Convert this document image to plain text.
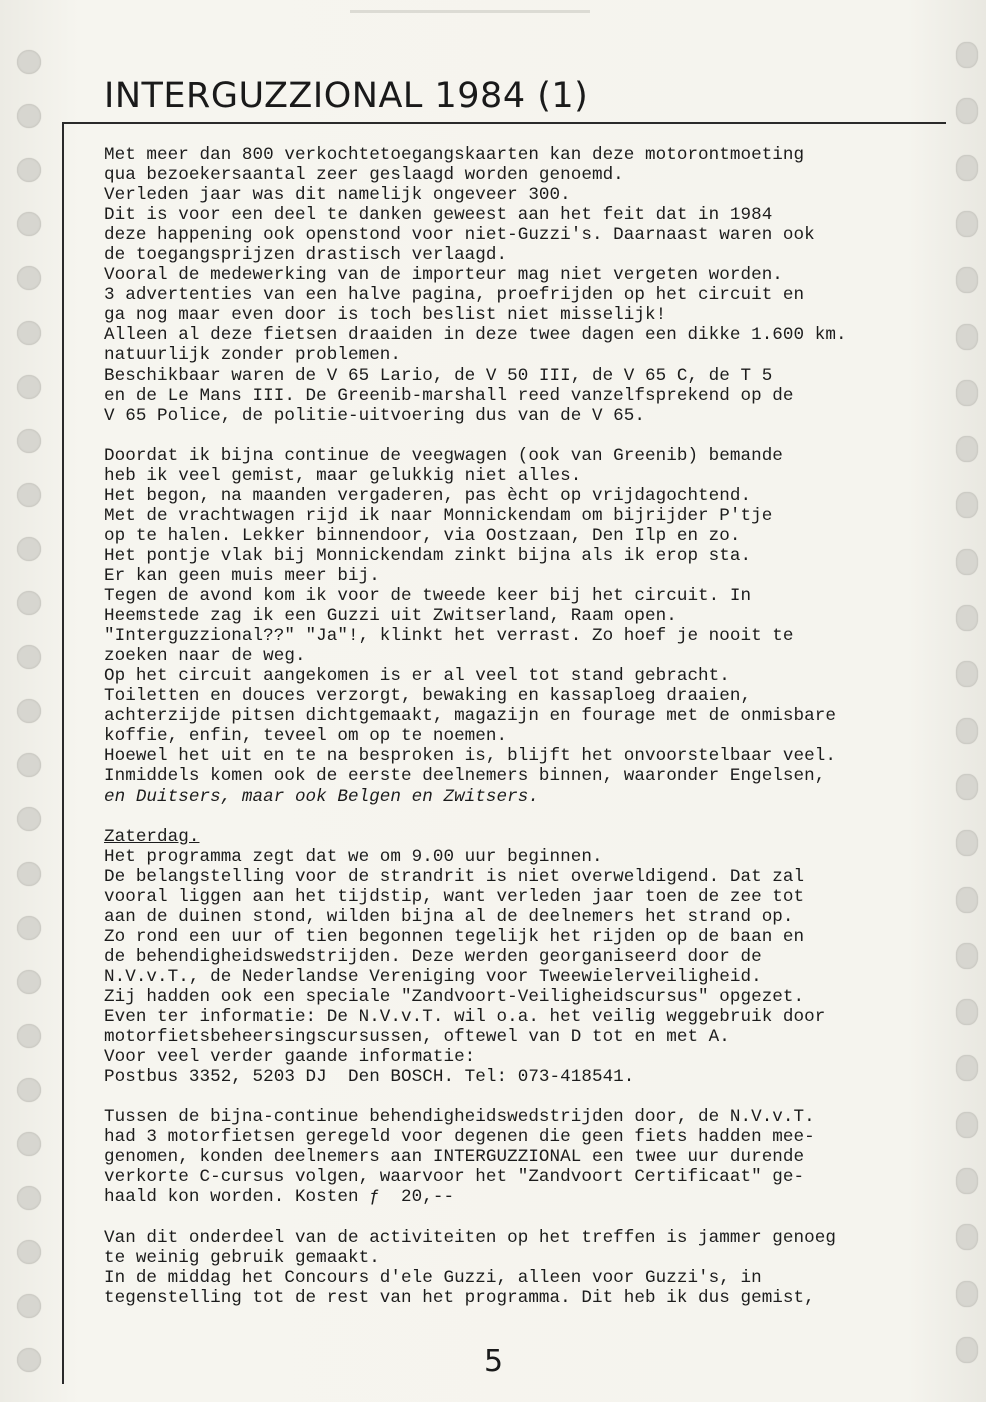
INTERGUZZIONAL 1984 (1)
Met meer dan 800 verkochtetoegangskaarten kan deze motorontmoeting
qua bezoekersaantal zeer geslaagd worden genoemd.
Verleden jaar was dit namelijk ongeveer 300.
Dit is voor een deel te danken geweest aan het feit dat in 1984
deze happening ook openstond voor niet-Guzzi's. Daarnaast waren ook
de toegangsprijzen drastisch verlaagd.
Vooral de medewerking van de importeur mag niet vergeten worden.
3 advertenties van een halve pagina, proefrijden op het circuit en
ga nog maar even door is toch beslist niet misselijk!
Alleen al deze fietsen draaiden in deze twee dagen een dikke 1.600 km.
natuurlijk zonder problemen.
Beschikbaar waren de V 65 Lario, de V 50 III, de V 65 C, de T 5
en de Le Mans III. De Greenib-marshall reed vanzelfsprekend op de
V 65 Police, de politie-uitvoering dus van de V 65.
Doordat ik bijna continue de veegwagen (ook van Greenib) bemande
heb ik veel gemist, maar gelukkig niet alles.
Het begon, na maanden vergaderen, pas ècht op vrijdagochtend.
Met de vrachtwagen rijd ik naar Monnickendam om bijrijder P'tje
op te halen. Lekker binnendoor, via Oostzaan, Den Ilp en zo.
Het pontje vlak bij Monnickendam zinkt bijna als ik erop sta.
Er kan geen muis meer bij.
Tegen de avond kom ik voor de tweede keer bij het circuit. In
Heemstede zag ik een Guzzi uit Zwitserland, Raam open.
"Interguzzional??" "Ja"!, klinkt het verrast. Zo hoef je nooit te
zoeken naar de weg.
Op het circuit aangekomen is er al veel tot stand gebracht.
Toiletten en douces verzorgt, bewaking en kassaploeg draaien,
achterzijde pitsen dichtgemaakt, magazijn en fourage met de onmisbare
koffie, enfin, teveel om op te noemen.
Hoewel het uit en te na besproken is, blijft het onvoorstelbaar veel.
Inmiddels komen ook de eerste deelnemers binnen, waaronder Engelsen,
en Duitsers, maar ook Belgen en Zwitsers.
Zaterdag.
Het programma zegt dat we om 9.00 uur beginnen.
De belangstelling voor de strandrit is niet overweldigend. Dat zal
vooral liggen aan het tijdstip, want verleden jaar toen de zee tot
aan de duinen stond, wilden bijna al de deelnemers het strand op.
Zo rond een uur of tien begonnen tegelijk het rijden op de baan en
de behendigheidswedstrijden. Deze werden georganiseerd door de
N.V.v.T., de Nederlandse Vereniging voor Tweewielerveiligheid.
Zij hadden ook een speciale "Zandvoort-Veiligheidscursus" opgezet.
Even ter informatie: De N.V.v.T. wil o.a. het veilig weggebruik door
motorfietsbeheersingscursussen, oftewel van D tot en met A.
Voor veel verder gaande informatie:
Postbus 3352, 5203 DJ  Den BOSCH. Tel: 073-418541.
Tussen de bijna-continue behendigheidswedstrijden door, de N.V.v.T.
had 3 motorfietsen geregeld voor degenen die geen fiets hadden mee-
genomen, konden deelnemers aan INTERGUZZIONAL een twee uur durende
verkorte C-cursus volgen, waarvoor het "Zandvoort Certificaat" ge-
haald kon worden. Kosten ƒ  20,--
Van dit onderdeel van de activiteiten op het treffen is jammer genoeg
te weinig gebruik gemaakt.
In de middag het Concours d'ele Guzzi, alleen voor Guzzi's, in
tegenstelling tot de rest van het programma. Dit heb ik dus gemist,
5
